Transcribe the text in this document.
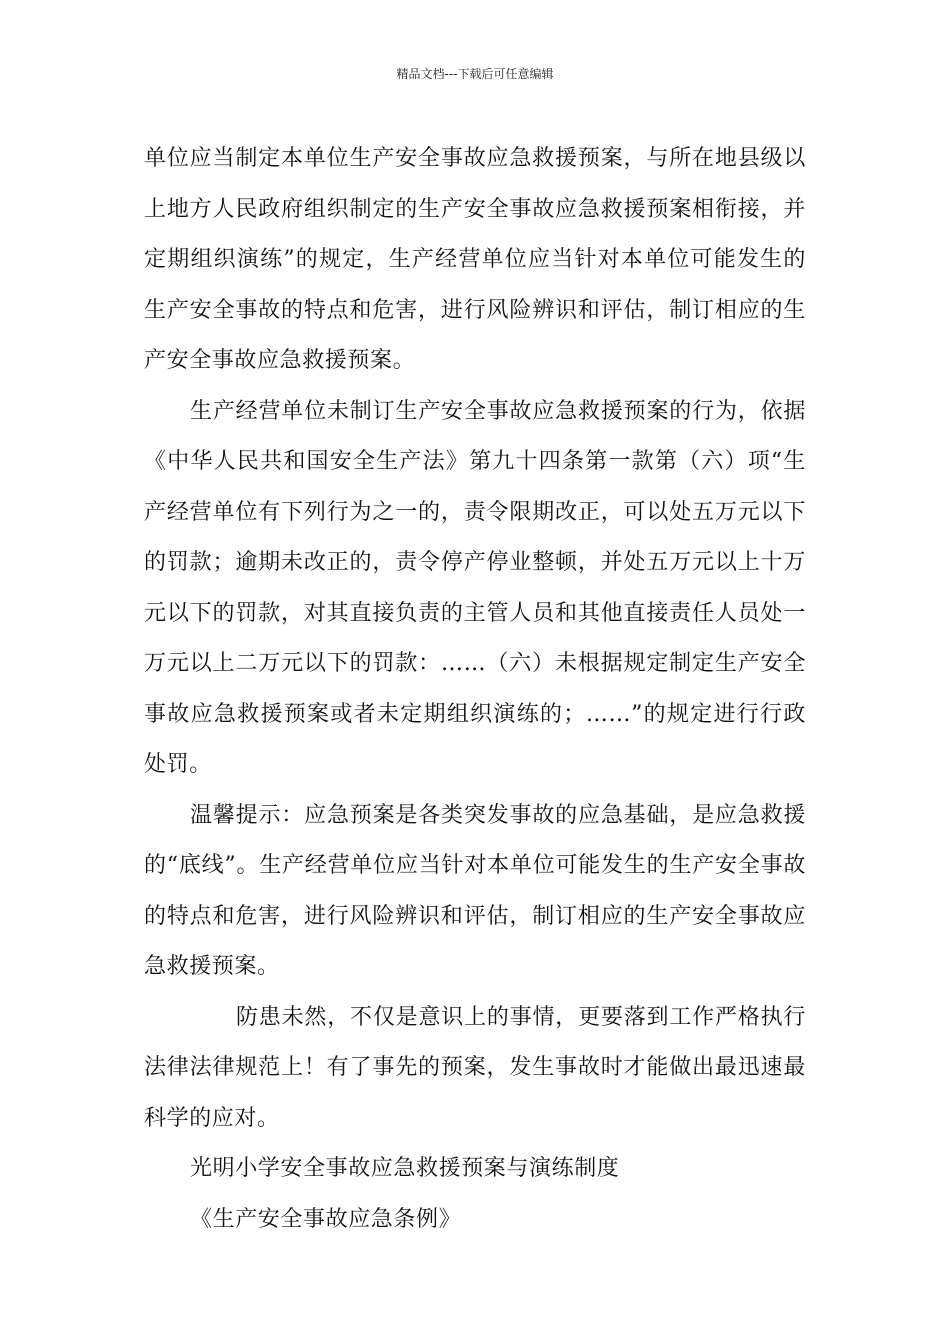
精品文档---下载后可任意编辑

单位应当制定本单位生产安全事故应急救援预案，与所在地县级以上地方人民政府组织制定的生产安全事故应急救援预案相衔接，并定期组织演练”的规定，生产经营单位应当针对本单位可能发生的生产安全事故的特点和危害，进行风险辨识和评估，制订相应的生产安全事故应急救援预案。

生产经营单位未制订生产安全事故应急救援预案的行为，依据《中华人民共和国安全生产法》第九十四条第一款第（六）项“生产经营单位有下列行为之一的，责令限期改正，可以处五万元以下的罚款；逾期未改正的，责令停产停业整顿，并处五万元以上十万元以下的罚款，对其直接负责的主管人员和其他直接责任人员处一万元以上二万元以下的罚款：……（六）未根据规定制定生产安全事故应急救援预案或者未定期组织演练的；……”的规定进行行政处罚。

温馨提示：应急预案是各类突发事故的应急基础，是应急救援的“底线”。生产经营单位应当针对本单位可能发生的生产安全事故的特点和危害，进行风险辨识和评估，制订相应的生产安全事故应急救援预案。

防患未然，不仅是意识上的事情，更要落到工作严格执行法律法律规范上！有了事先的预案，发生事故时才能做出最迅速最科学的应对。

光明小学安全事故应急救援预案与演练制度

《生产安全事故应急条例》
